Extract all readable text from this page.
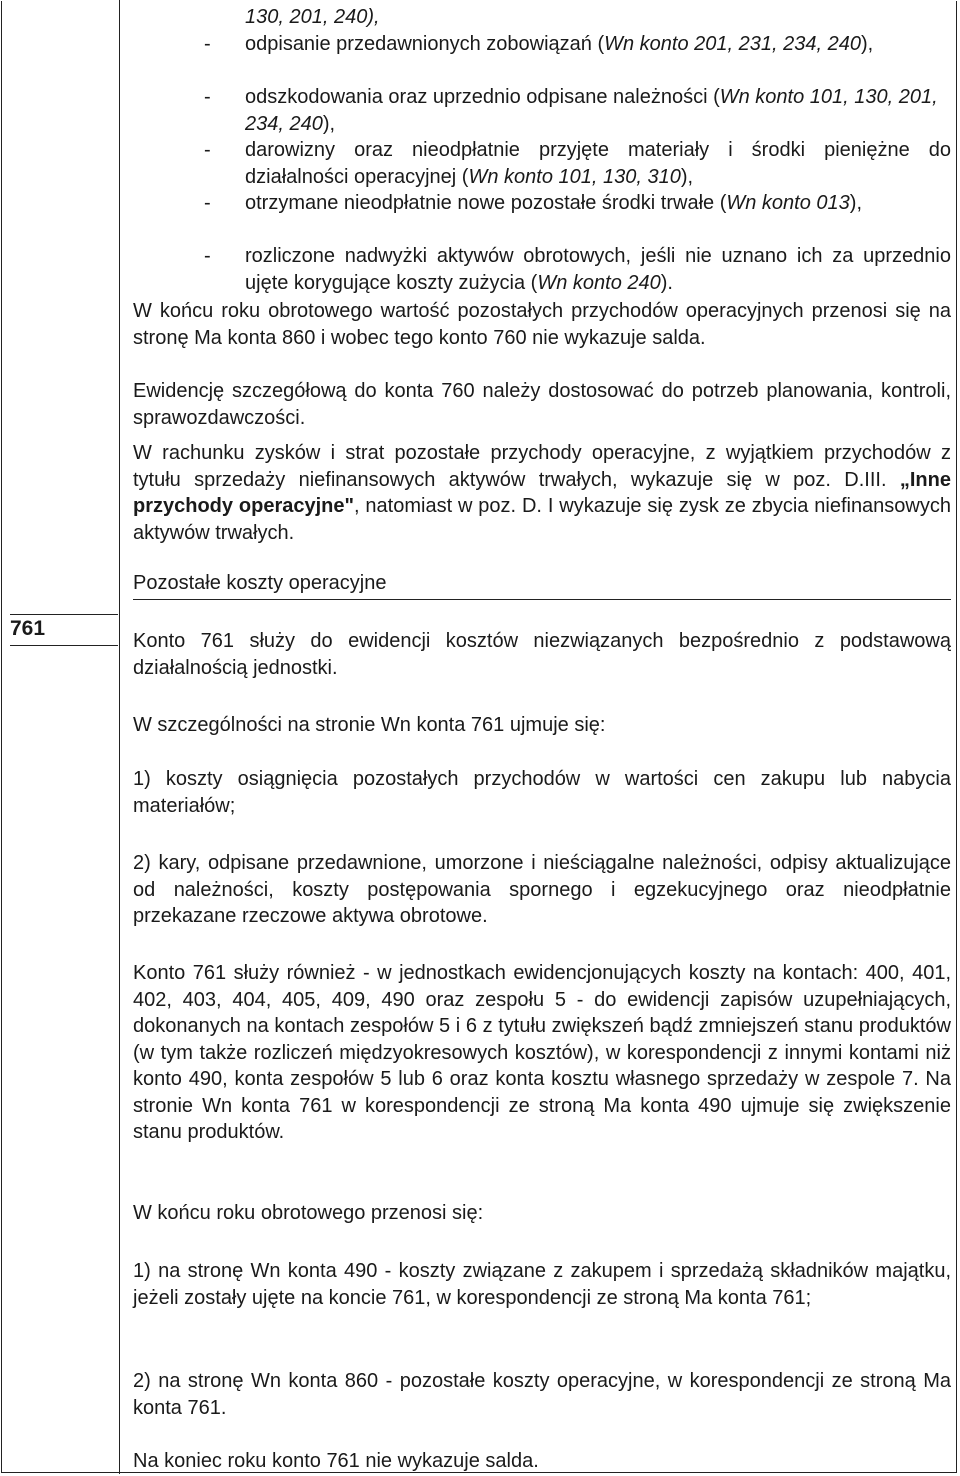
761
130, 201, 240),
- odpisanie przedawnionych zobowiązań (Wn konto 201, 231, 234, 240),
- odszkodowania oraz uprzednio odpisane należności (Wn konto 101, 130, 201, 234, 240),
- darowizny oraz nieodpłatnie przyjęte materiały i środki pieniężne do działalności operacyjnej (Wn konto 101, 130, 310),
- otrzymane nieodpłatnie nowe pozostałe środki trwałe (Wn konto 013),
- rozliczone nadwyżki aktywów obrotowych, jeśli nie uznano ich za uprzednio ujęte korygujące koszty zużycia (Wn konto 240).

W końcu roku obrotowego wartość pozostałych przychodów operacyjnych przenosi się na stronę Ma konta 860 i wobec tego konto 760 nie wykazuje salda.

Ewidencję szczegółową do konta 760 należy dostosować do potrzeb planowania, kontroli, sprawozdawczości.

W rachunku zysków i strat pozostałe przychody operacyjne, z wyjątkiem przychodów z tytułu sprzedaży niefinansowych aktywów trwałych, wykazuje się w poz. D.III. „Inne przychody operacyjne", natomiast w poz. D. I wykazuje się zysk ze zbycia niefinansowych aktywów trwałych.

Pozostałe koszty operacyjne

Konto 761 służy do ewidencji kosztów niezwiązanych bezpośrednio z podstawową działalnością jednostki.

W szczególności na stronie Wn konta 761 ujmuje się:

1) koszty osiągnięcia pozostałych przychodów w wartości cen zakupu lub nabycia materiałów;

2) kary, odpisane przedawnione, umorzone i nieściągalne należności, odpisy aktualizujące od należności, koszty postępowania spornego i egzekucyjnego oraz nieodpłatnie przekazane rzeczowe aktywa obrotowe.

Konto 761 służy również - w jednostkach ewidencjonujących koszty na kontach: 400, 401, 402, 403, 404, 405, 409, 490 oraz zespołu 5 - do ewidencji zapisów uzupełniających, dokonanych na kontach zespołów 5 i 6 z tytułu zwiększeń bądź zmniejszeń stanu produktów (w tym także rozliczeń międzyokresowych kosztów), w korespondencji z innymi kontami niż konto 490, konta zespołów 5 lub 6 oraz konta kosztu własnego sprzedaży w zespole 7. Na stronie Wn konta 761 w korespondencji ze stroną Ma konta 490 ujmuje się zwiększenie stanu produktów.

W końcu roku obrotowego przenosi się:

1) na stronę Wn konta 490 - koszty związane z zakupem i sprzedażą składników majątku, jeżeli zostały ujęte na koncie 761, w korespondencji ze stroną Ma konta 761;

2) na stronę Wn konta 860 - pozostałe koszty operacyjne, w korespondencji ze stroną Ma konta 761.

Na koniec roku konto 761 nie wykazuje salda.
